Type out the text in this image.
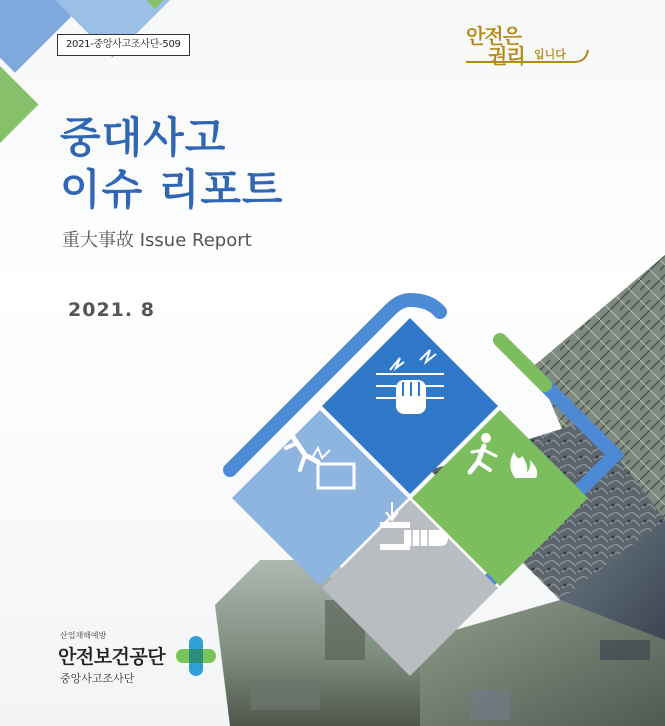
2021-중앙사고조사단-509	안전은
권리 입니다
중대사고
이슈 리포트
重大事故 Issue Report
2021. 8
산업재해예방
안전보건공단
중앙사고조사단
